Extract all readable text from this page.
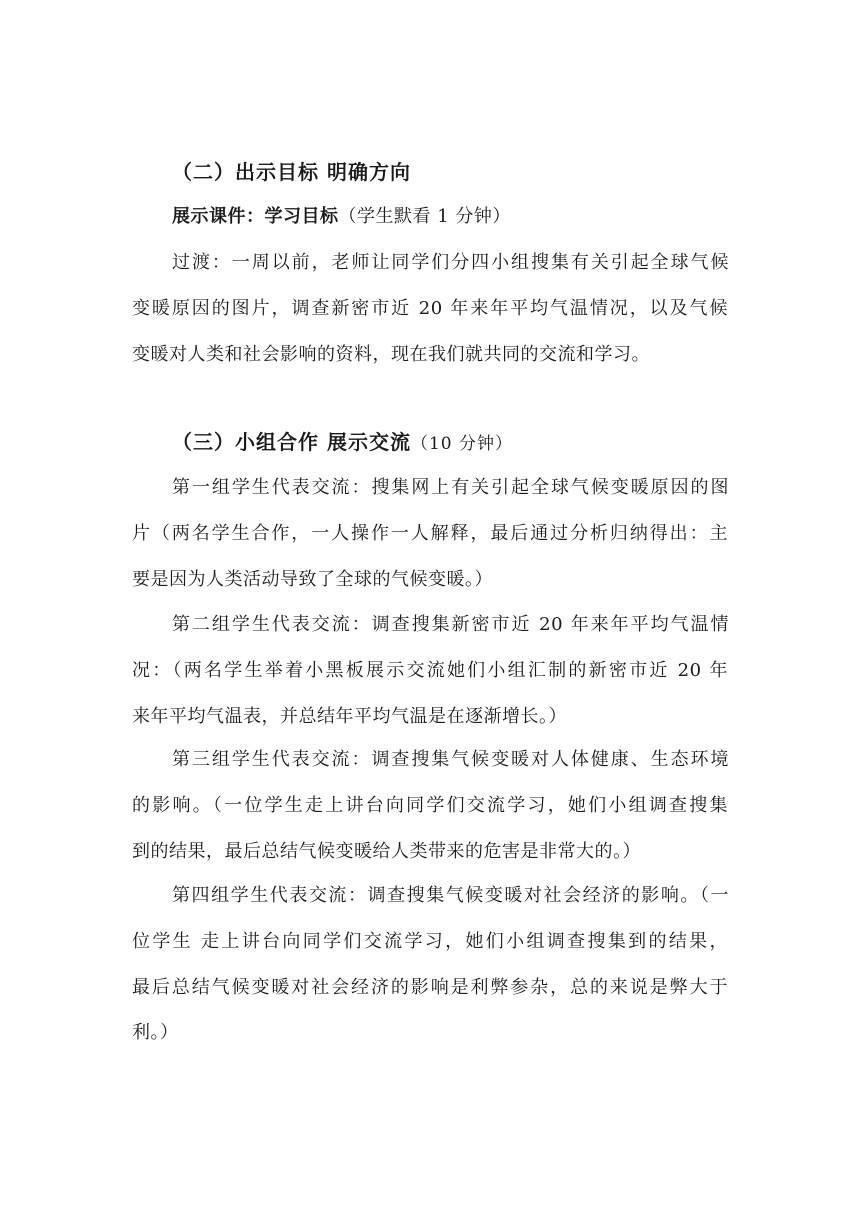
（二）出示目标 明确方向
展示课件：学习目标（学生默看 1 分钟）
过渡：一周以前，老师让同学们分四小组搜集有关引起全球气候
变暖原因的图片，调查新密市近 20 年来年平均气温情况，以及气候
变暖对人类和社会影响的资料，现在我们就共同的交流和学习。
（三）小组合作 展示交流（10 分钟）
第一组学生代表交流：搜集网上有关引起全球气候变暖原因的图
片（两名学生合作，一人操作一人解释，最后通过分析归纳得出：主
要是因为人类活动导致了全球的气候变暖。）
第二组学生代表交流：调查搜集新密市近 20 年来年平均气温情
况：（两名学生举着小黑板展示交流她们小组汇制的新密市近 20 年
来年平均气温表，并总结年平均气温是在逐渐增长。）
第三组学生代表交流：调查搜集气候变暖对人体健康、生态环境
的影响。（一位学生走上讲台向同学们交流学习，她们小组调查搜集
到的结果，最后总结气候变暖给人类带来的危害是非常大的。）
第四组学生代表交流：调查搜集气候变暖对社会经济的影响。（一
位学生 走上讲台向同学们交流学习，她们小组调查搜集到的结果，
最后总结气候变暖对社会经济的影响是利弊参杂，总的来说是弊大于
利。）
